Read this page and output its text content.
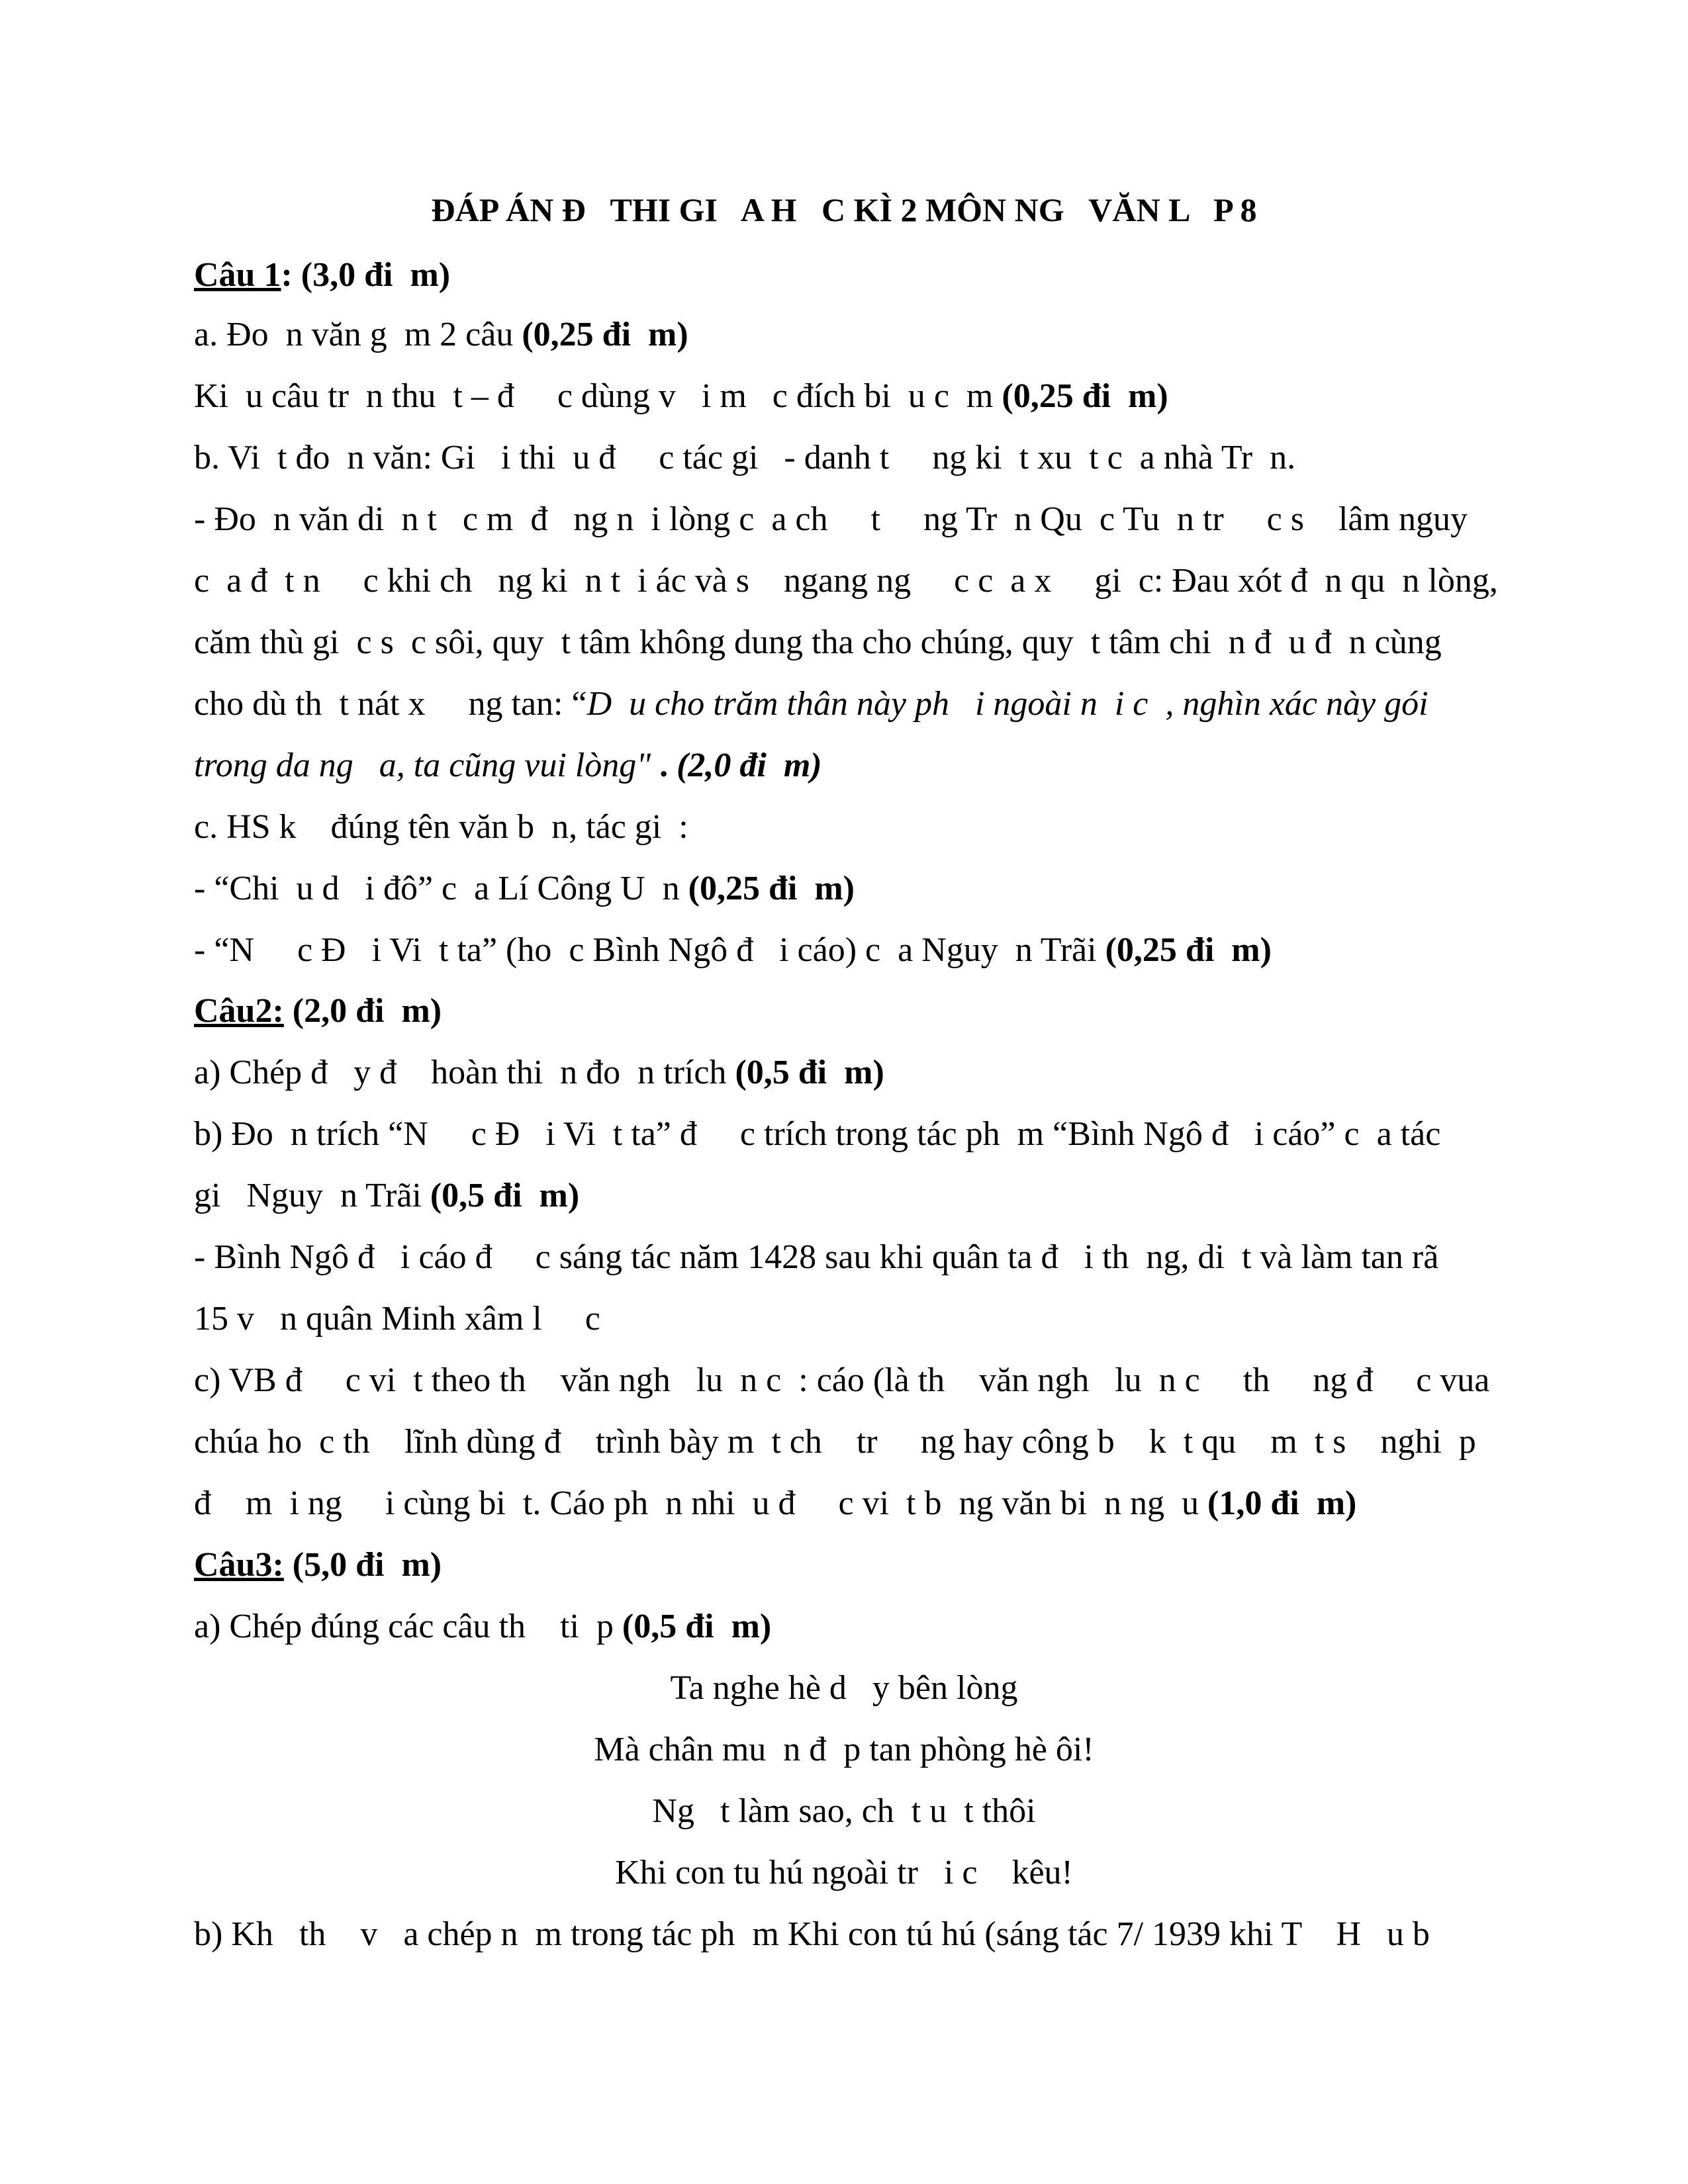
ĐÁP ÁN Đ   THI GI   A H   C KÌ 2 MÔN NG   VĂN L   P 8
Câu 1: (3,0 đi  m)
a. Đo  n văn g  m 2 câu (0,25 đi  m)
Ki  u câu tr  n thu  t – đ     c dùng v   i m   c đích bi  u c  m (0,25 đi  m)
b. Vi  t đo  n văn: Gi   i thi  u đ     c tác gi   - danh t     ng ki  t xu  t c  a nhà Tr  n.
- Đo  n văn di  n t   c m  đ   ng n  i lòng c  a ch     t     ng Tr  n Qu  c Tu  n tr     c s    lâm nguy
c  a đ  t n     c khi ch   ng ki  n t  i ác và s    ngang ng     c c  a x     gi  c: Đau xót đ  n qu  n lòng,
căm thù gi  c s  c sôi, quy  t tâm không dung tha cho chúng, quy  t tâm chi  n đ  u đ  n cùng
cho dù th  t nát x     ng tan: “D  u cho trăm thân này ph   i ngoài n  i c  , nghìn xác này gói
trong da ng   a, ta cũng vui lòng" . (2,0 đi  m)
c. HS k    đúng tên văn b  n, tác gi  :
- “Chi  u d   i đô” c  a Lí Công U  n (0,25 đi  m)
- “N     c Đ   i Vi  t ta” (ho  c Bình Ngô đ   i cáo) c  a Nguy  n Trãi (0,25 đi  m)
Câu2: (2,0 đi  m)
a) Chép đ   y đ    hoàn thi  n đo  n trích (0,5 đi  m)
b) Đo  n trích “N     c Đ   i Vi  t ta” đ     c trích trong tác ph  m “Bình Ngô đ   i cáo” c  a tác
gi   Nguy  n Trãi (0,5 đi  m)
- Bình Ngô đ   i cáo đ     c sáng tác năm 1428 sau khi quân ta đ   i th  ng, di  t và làm tan rã
15 v   n quân Minh xâm l     c
c) VB đ     c vi  t theo th    văn ngh   lu  n c  : cáo (là th    văn ngh   lu  n c     th     ng đ     c vua
chúa ho  c th    lĩnh dùng đ    trình bày m  t ch    tr     ng hay công b    k  t qu    m  t s    nghi  p
đ    m  i ng     i cùng bi  t. Cáo ph  n nhi  u đ     c vi  t b  ng văn bi  n ng  u (1,0 đi  m)
Câu3: (5,0 đi  m)
a) Chép đúng các câu th    ti  p (0,5 đi  m)
Ta nghe hè d   y bên lòng
Mà chân mu  n đ  p tan phòng hè ôi!
Ng   t làm sao, ch  t u  t thôi
Khi con tu hú ngoài tr   i c    kêu!
b) Kh   th    v   a chép n  m trong tác ph  m Khi con tú hú (sáng tác 7/ 1939 khi T    H   u b
